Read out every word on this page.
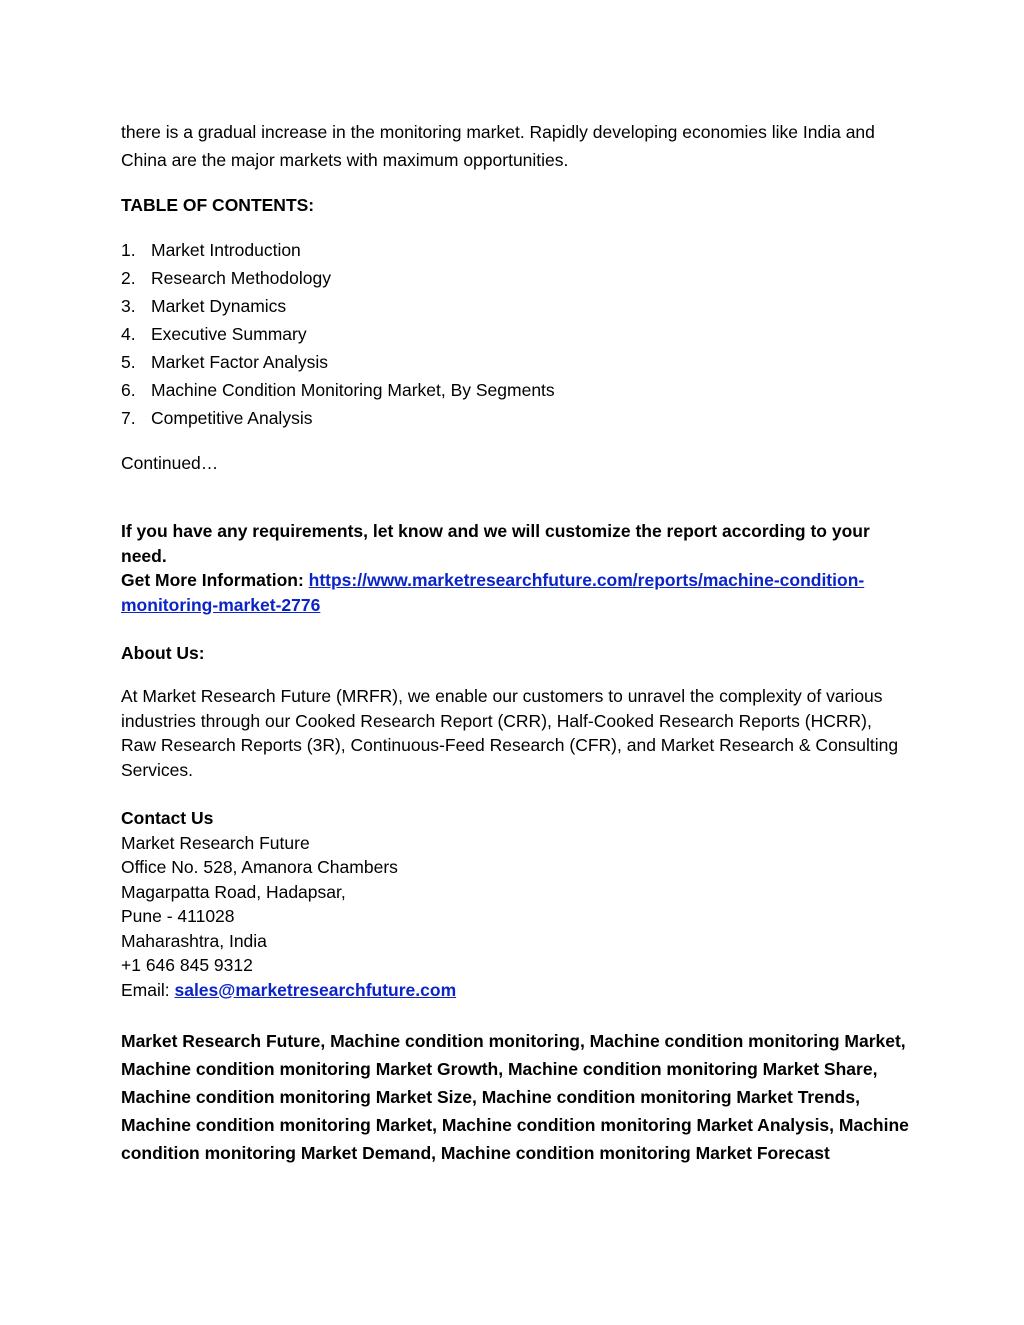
there is a gradual increase in the monitoring market. Rapidly developing economies like India and China are the major markets with maximum opportunities.

TABLE OF CONTENTS:

1. Market Introduction
2. Research Methodology
3. Market Dynamics
4. Executive Summary
5. Market Factor Analysis
6. Machine Condition Monitoring Market, By Segments
7. Competitive Analysis

Continued…

If you have any requirements, let know and we will customize the report according to your need.

Get More Information: https://www.marketresearchfuture.com/reports/machine-condition-monitoring-market-2776

About Us:

At Market Research Future (MRFR), we enable our customers to unravel the complexity of various industries through our Cooked Research Report (CRR), Half-Cooked Research Reports (HCRR), Raw Research Reports (3R), Continuous-Feed Research (CFR), and Market Research & Consulting Services.

Contact Us
Market Research Future
Office No. 528, Amanora Chambers
Magarpatta Road, Hadapsar,
Pune - 411028
Maharashtra, India
+1 646 845 9312
Email: sales@marketresearchfuture.com

Market Research Future, Machine condition monitoring, Machine condition monitoring Market, Machine condition monitoring Market Growth, Machine condition monitoring Market Share, Machine condition monitoring Market Size, Machine condition monitoring Market Trends, Machine condition monitoring Market, Machine condition monitoring Market Analysis, Machine condition monitoring Market Demand, Machine condition monitoring Market Forecast
